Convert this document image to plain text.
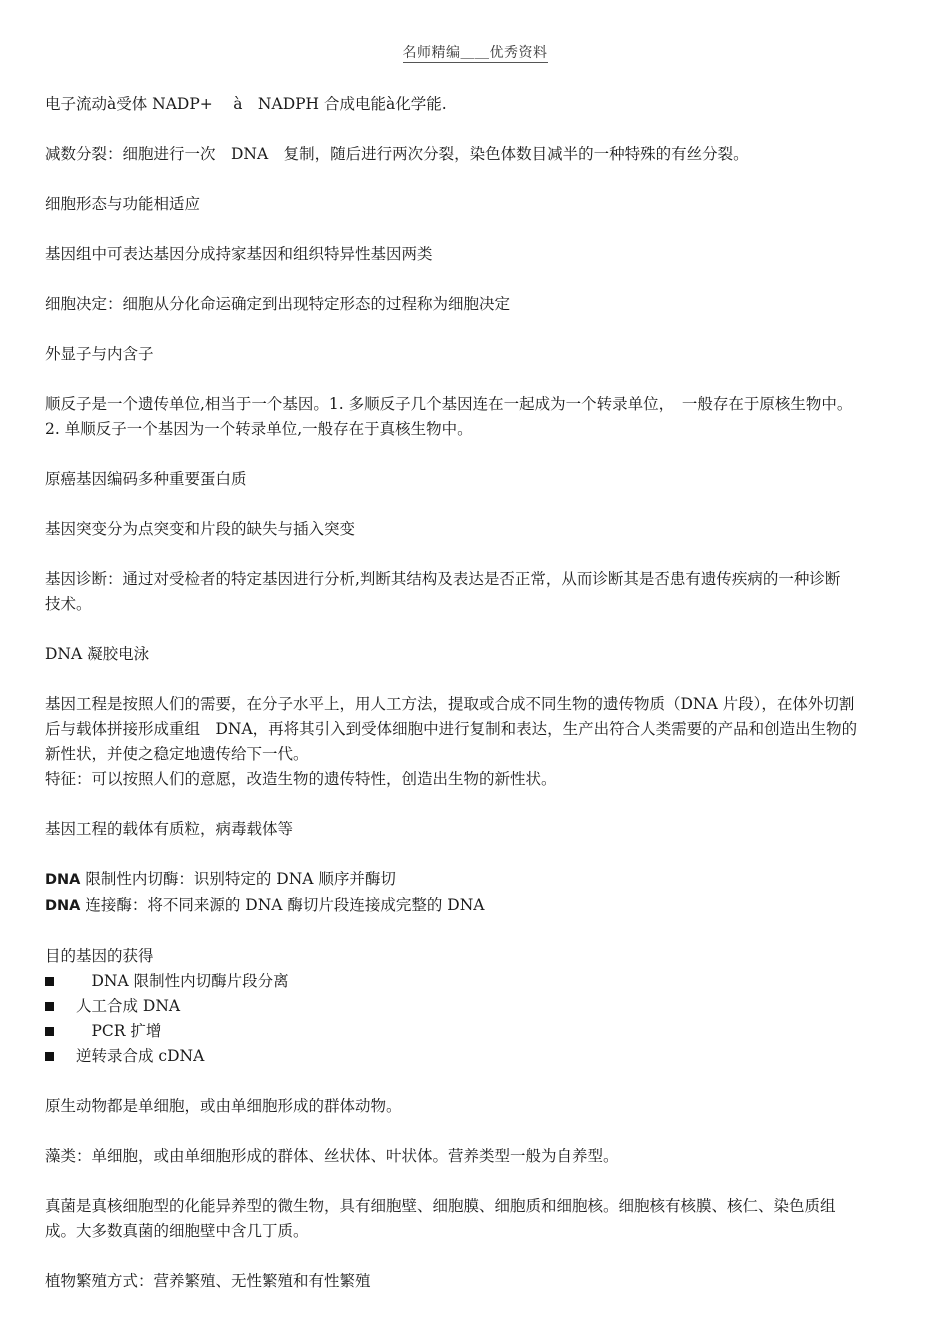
名师精编＿＿优秀资料

电子流动à受体 NADP+　 à　NADPH 合成电能à化学能.

减数分裂：细胞进行一次　DNA　复制，随后进行两次分裂，染色体数目减半的一种特殊的有丝分裂。

细胞形态与功能相适应

基因组中可表达基因分成持家基因和组织特异性基因两类

细胞决定：细胞从分化命运确定到出现特定形态的过程称为细胞决定

外显子与内含子

顺反子是一个遗传单位,相当于一个基因。1. 多顺反子几个基因连在一起成为一个转录单位，　一般存在于原核生物中。

2. 单顺反子一个基因为一个转录单位,一般存在于真核生物中。

原癌基因编码多种重要蛋白质

基因突变分为点突变和片段的缺失与插入突变

基因诊断：通过对受检者的特定基因进行分析,判断其结构及表达是否正常，从而诊断其是否患有遗传疾病的一种诊断

技术。

DNA 凝胶电泳

基因工程是按照人们的需要，在分子水平上，用人工方法，提取或合成不同生物的遗传物质（DNA 片段），在体外切割

后与载体拼接形成重组　DNA，再将其引入到受体细胞中进行复制和表达，生产出符合人类需要的产品和创造出生物的

新性状，并使之稳定地遗传给下一代。

特征：可以按照人们的意愿，改造生物的遗传特性，创造出生物的新性状。

基因工程的载体有质粒，病毒载体等

DNA 限制性内切酶：识别特定的 DNA 顺序并酶切

DNA 连接酶：将不同来源的 DNA 酶切片段连接成完整的 DNA

目的基因的获得

　DNA 限制性内切酶片段分离
人工合成 DNA
　PCR 扩增
逆转录合成 cDNA

原生动物都是单细胞，或由单细胞形成的群体动物。

藻类：单细胞，或由单细胞形成的群体、丝状体、叶状体。营养类型一般为自养型。

真菌是真核细胞型的化能异养型的微生物，具有细胞壁、细胞膜、细胞质和细胞核。细胞核有核膜、核仁、染色质组

成。大多数真菌的细胞壁中含几丁质。

植物繁殖方式：营养繁殖、无性繁殖和有性繁殖
